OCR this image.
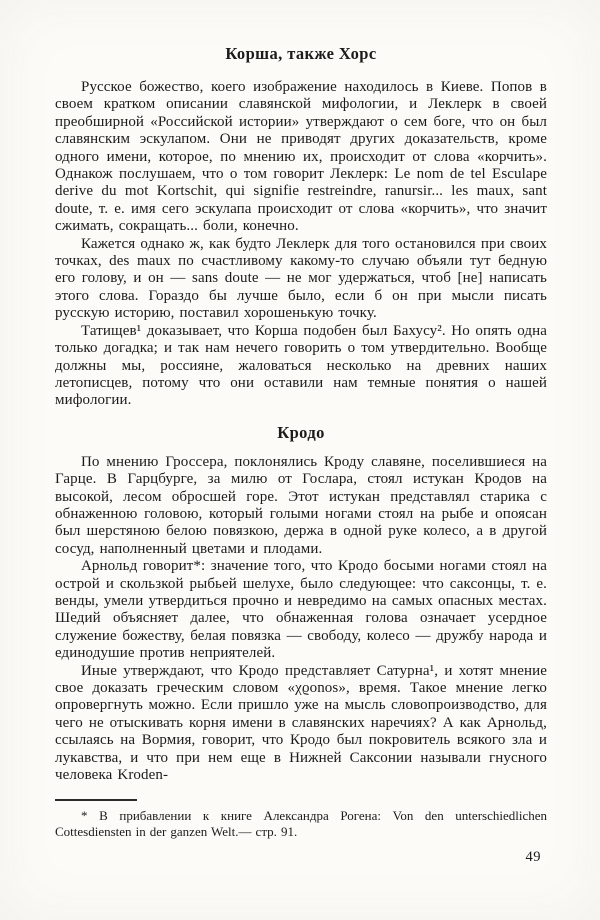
Корша, также Хорс

Русское божество, коего изображение находилось в Киеве. Попов в своем кратком описании славянской мифологии, и Леклерк в своей преобширной «Российской истории» утверждают о сем боге, что он был славянским эскулапом. Они не приводят других доказательств, кроме одного имени, которое, по мнению их, происходит от слова «корчить». Однакож послушаем, что о том говорит Леклерк: Le nom de tel Esculape derive du mot Kortschit, qui signifie restreindre, ranursir... les maux, sant doute, т. е. имя сего эскулапа происходит от слова «корчить», что значит сжимать, сокращать... боли, конечно.

Кажется однако ж, как будто Леклерк для того остановился при своих точках, des maux по счастливому какому-то случаю объяли тут бедную его голову, и он — sans doute — не мог удержаться, чтоб [не] написать этого слова. Гораздо бы лучше было, если б он при мысли писать русскую историю, поставил хорошенькую точку.

Татищев¹ доказывает, что Корша подобен был Бахусу². Но опять одна только догадка; и так нам нечего говорить о том утвердительно. Вообще должны мы, россияне, жаловаться несколько на древних наших летописцев, потому что они оставили нам темные понятия о нашей мифологии.

Кродо

По мнению Гроссера, поклонялись Кроду славяне, поселившиеся на Гарце. В Гарцбурге, за милю от Гослара, стоял истукан Кродов на высокой, лесом обросшей горе. Этот истукан представлял старика с обнаженною головою, который голыми ногами стоял на рыбе и опоясан был шерстяною белою повязкою, держа в одной руке колесо, а в другой сосуд, наполненный цветами и плодами.

Арнольд говорит*: значение того, что Кродо босыми ногами стоял на острой и скользкой рыбьей шелухе, было следующее: что саксонцы, т. е. венды, умели утвердиться прочно и невредимо на самых опасных местах. Шедий объясняет далее, что обнаженная голова означает усердное служение божеству, белая повязка — свободу, колесо — дружбу народа и единодушие против неприятелей.

Иные утверждают, что Кродо представляет Сатурна¹, и хотят мнение свое доказать греческим словом «χϱonos», время. Такое мнение легко опровергнуть можно. Если пришло уже на мысль словопроизводство, для чего не отыскивать корня имени в славянских наречиях? А как Арнольд, ссылаясь на Вормия, говорит, что Кродо был покровитель всякого зла и лукавства, и что при нем еще в Нижней Саксонии называли гнусного человека Kroden-

* В прибавлении к книге Александра Рогена: Von den unterschiedlichen Cottesdiensten in der ganzen Welt.— стр. 91.

49
